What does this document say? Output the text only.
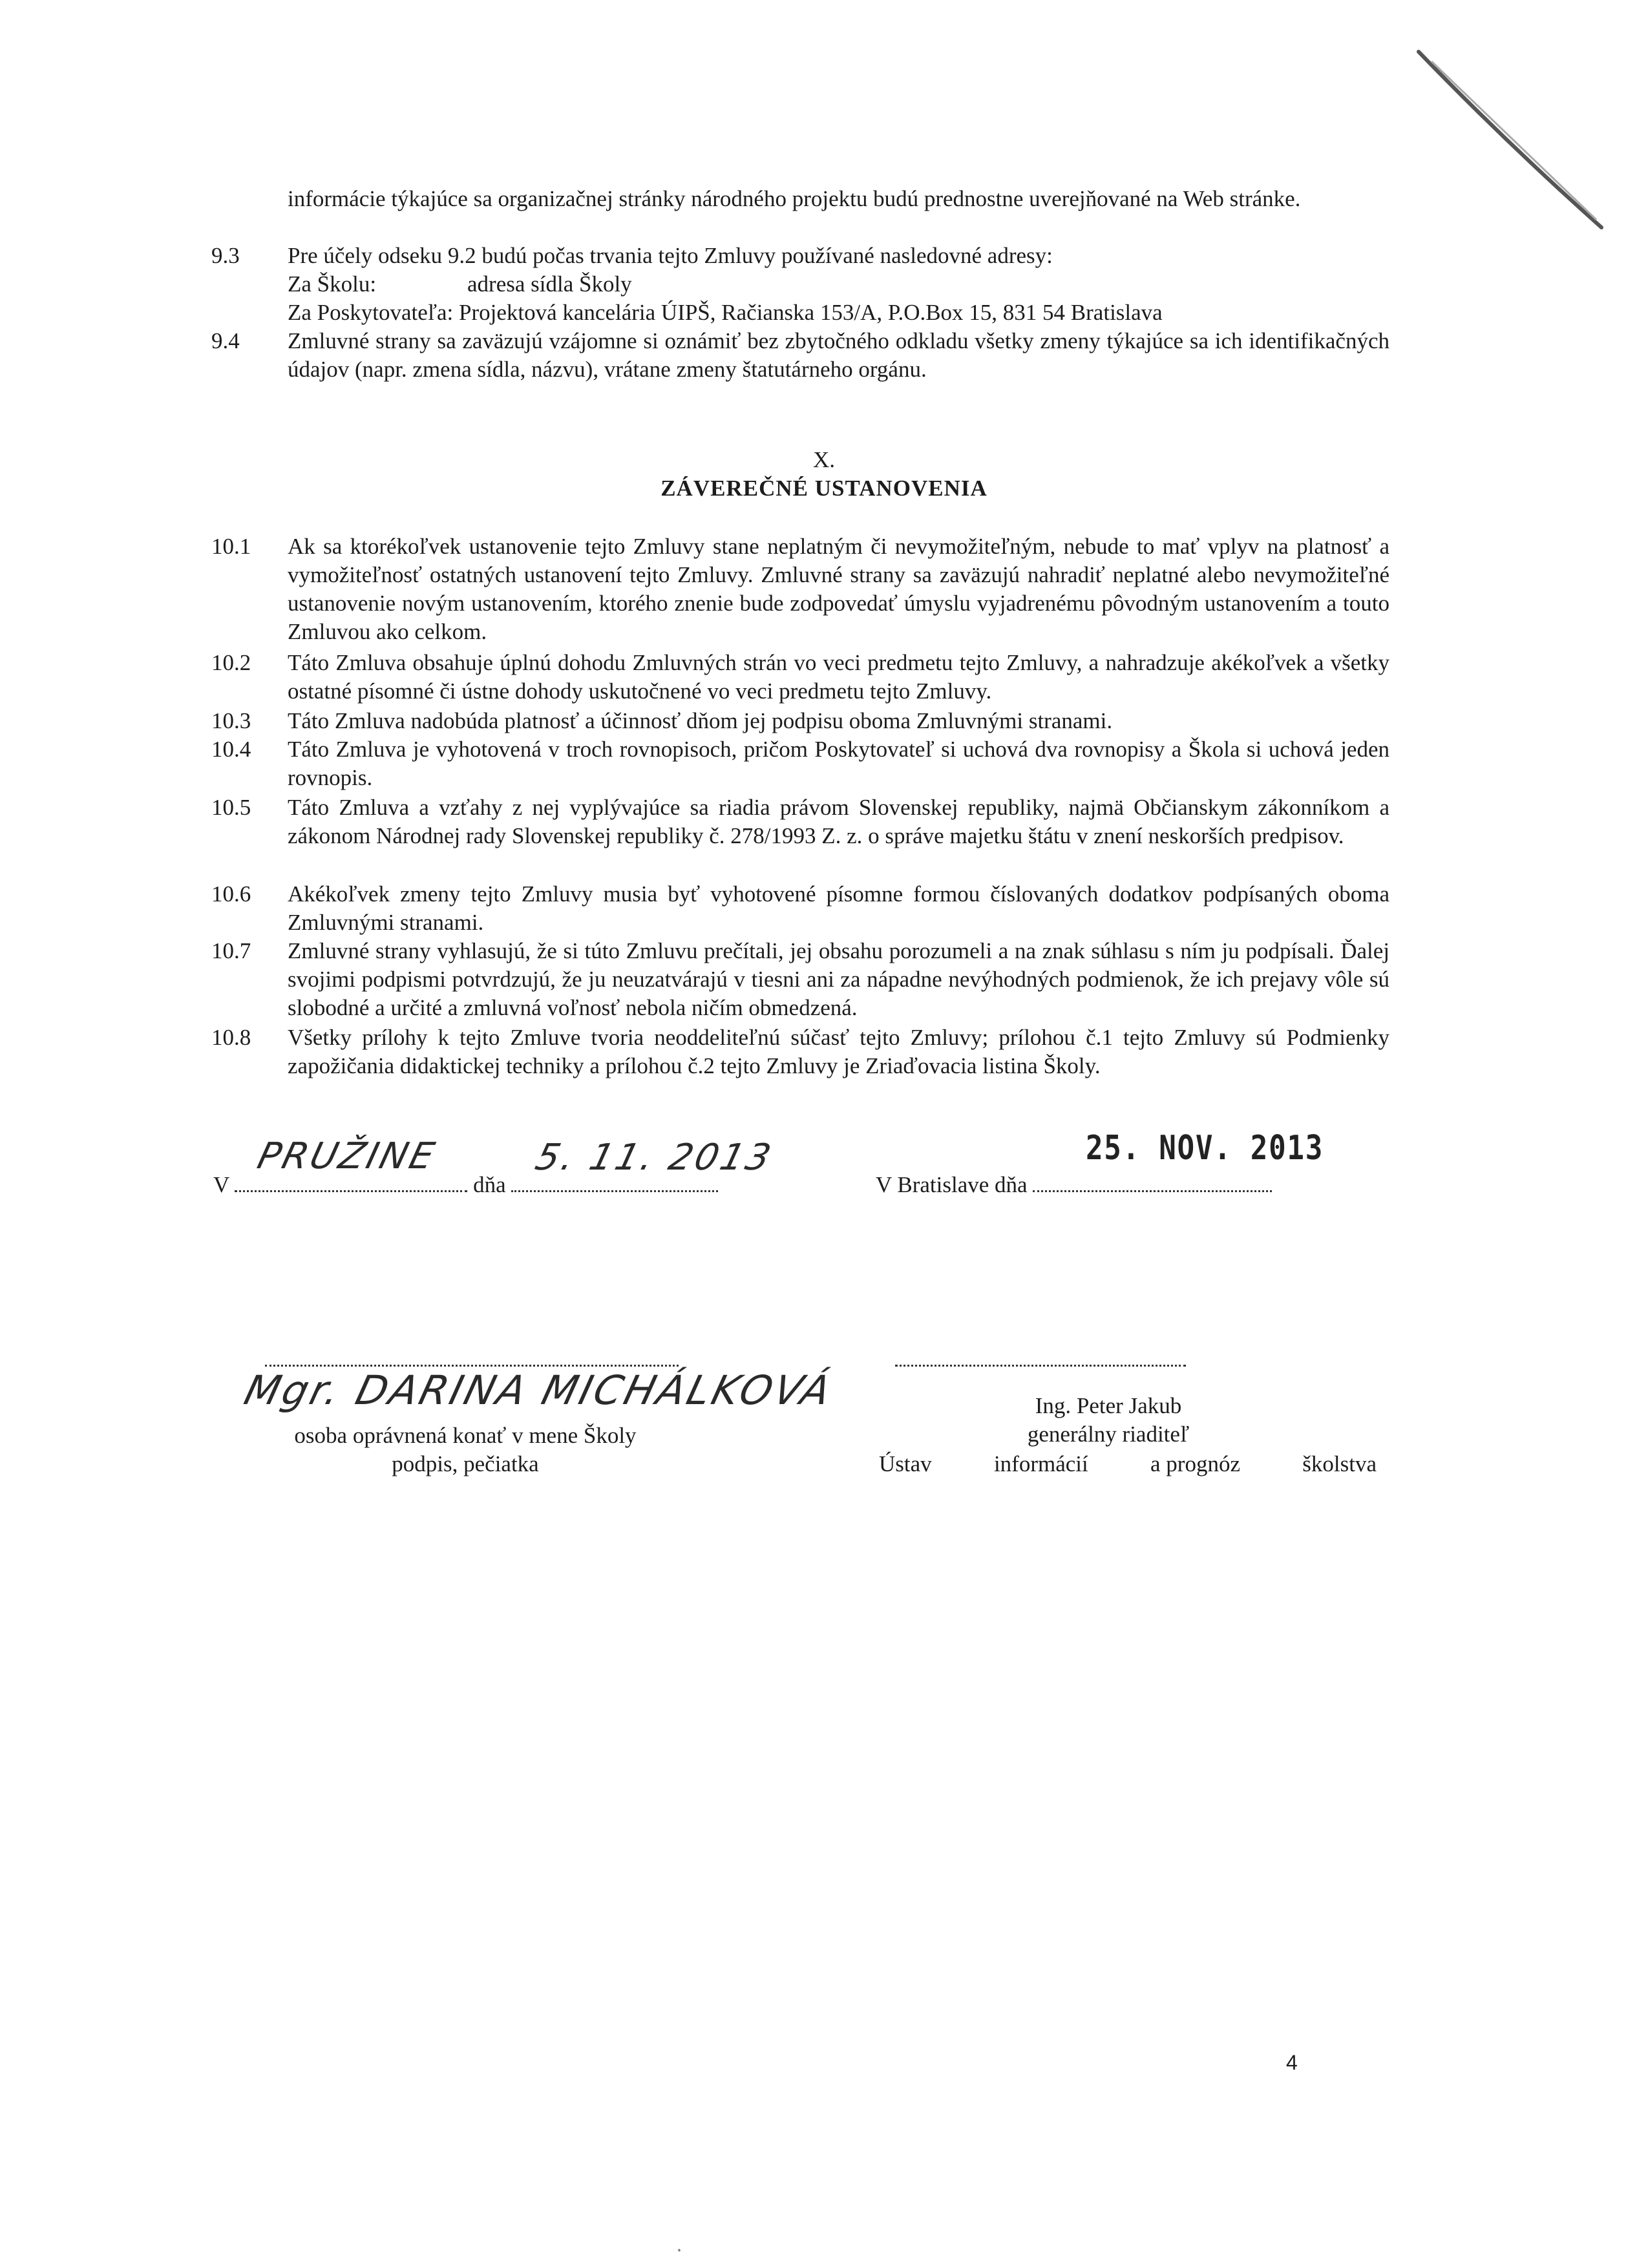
informácie týkajúce sa organizačnej stránky národného projektu budú prednostne uverejňované na Web stránke.
9.3	Pre účely odseku 9.2 budú počas trvania tejto Zmluvy používané nasledovné adresy:
Za Školu:	adresa sídla Školy
Za Poskytovateľa: Projektová kancelária ÚIPŠ, Račianska 153/A, P.O.Box 15, 831 54 Bratislava
9.4	Zmluvné strany sa zaväzujú vzájomne si oznámiť bez zbytočného odkladu všetky zmeny týkajúce sa ich identifikačných údajov (napr. zmena sídla, názvu), vrátane zmeny štatutárneho orgánu.
X.
ZÁVEREČNÉ USTANOVENIA
10.1	Ak sa ktorékoľvek ustanovenie tejto Zmluvy stane neplatným či nevymožiteľným, nebude to mať vplyv na platnosť a vymožiteľnosť ostatných ustanovení tejto Zmluvy. Zmluvné strany sa zaväzujú nahradiť neplatné alebo nevymožiteľné ustanovenie novým ustanovením, ktorého znenie bude zodpovedať úmyslu vyjadrenému pôvodným ustanovením a touto Zmluvou ako celkom.
10.2	Táto Zmluva obsahuje úplnú dohodu Zmluvných strán vo veci predmetu tejto Zmluvy, a nahradzuje akékoľvek a všetky ostatné písomné či ústne dohody uskutočnené vo veci predmetu tejto Zmluvy.
10.3	Táto Zmluva nadobúda platnosť a účinnosť dňom jej podpisu oboma Zmluvnými stranami.
10.4	Táto Zmluva je vyhotovená v troch rovnopisoch, pričom Poskytovateľ si uchová dva rovnopisy a Škola si uchová jeden rovnopis.
10.5	Táto Zmluva a vzťahy z nej vyplývajúce sa riadia právom Slovenskej republiky, najmä Občianskym zákonníkom a zákonom Národnej rady Slovenskej republiky č. 278/1993 Z. z. o správe majetku štátu v znení neskorších predpisov.
10.6	Akékoľvek zmeny tejto Zmluvy musia byť vyhotovené písomne formou číslovaných dodatkov podpísaných oboma Zmluvnými stranami.
10.7	Zmluvné strany vyhlasujú, že si túto Zmluvu prečítali, jej obsahu porozumeli a na znak súhlasu s ním ju podpísali. Ďalej svojimi podpismi potvrdzujú, že ju neuzatvárajú v tiesni ani za nápadne nevýhodných podmienok, že ich prejavy vôle sú slobodné a určité a zmluvná voľnosť nebola ničím obmedzená.
10.8	Všetky prílohy k tejto Zmluve tvoria neoddeliteľnú súčasť tejto Zmluvy; prílohou č.1 tejto Zmluvy sú Podmienky zapožičania didaktickej techniky a prílohou č.2 tejto Zmluvy je Zriaďovacia listina Školy.
V	dňa
PRUŽINE 5. 11. 2013
V Bratislave dňa
25. NOV. 2013
Mgr. DARINA MICHÁLKOVÁ
osoba oprávnená konať v mene Školy
podpis, pečiatka
Ing. Peter Jakub
generálny riaditeľ
Ústav	informácií	a prognóz	školstva
4
